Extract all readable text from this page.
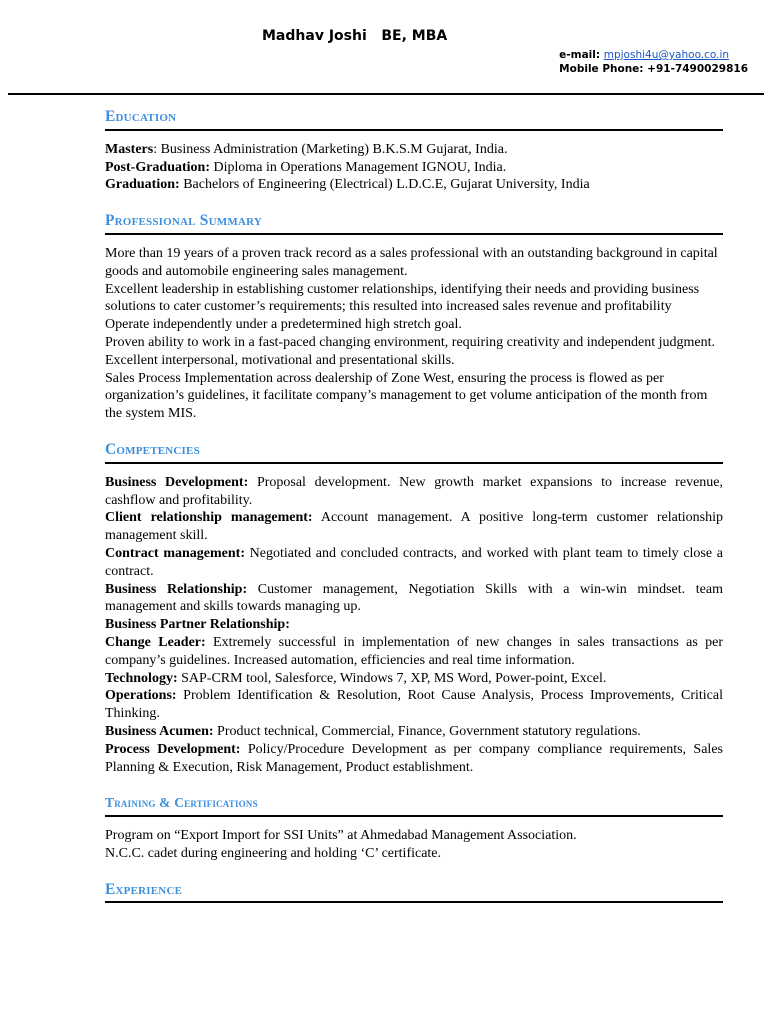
Madhav Joshi   BE, MBA
e-mail: mpjoshi4u@yahoo.co.in
Mobile Phone: +91-7490029816
Education

Masters: Business Administration (Marketing) B.K.S.M Gujarat, India.

Post-Graduation: Diploma in Operations Management IGNOU, India.

Graduation: Bachelors of Engineering (Electrical) L.D.C.E, Gujarat University, India

Professional Summary

More than 19 years of a proven track record as a sales professional with an outstanding background in capital goods and automobile engineering sales management.

Excellent leadership in establishing customer relationships, identifying their needs and providing business solutions to cater customer’s requirements; this resulted into increased sales revenue and profitability

Operate independently under a predetermined high stretch goal.

Proven ability to work in a fast-paced changing environment, requiring creativity and independent judgment.

Excellent interpersonal, motivational and presentational skills.

Sales Process Implementation across dealership of Zone West, ensuring the process is flowed as per organization’s guidelines, it facilitate company’s management to get volume anticipation of the month from the system MIS.

Competencies

Business Development: Proposal development. New growth market expansions to increase revenue, cashflow and profitability.

Client relationship management: Account management. A positive long-term customer relationship management skill.

Contract management: Negotiated and concluded contracts, and worked with plant team to timely close a contract.

Business Relationship: Customer management, Negotiation Skills with a win-win mindset. team management and skills towards managing up.

Business Partner Relationship:

Change Leader: Extremely successful in implementation of new changes in sales transactions as per company’s guidelines. Increased automation, efficiencies and real time information.

Technology: SAP-CRM tool, Salesforce, Windows 7, XP, MS Word, Power-point, Excel.

Operations: Problem Identification & Resolution, Root Cause Analysis, Process Improvements, Critical Thinking.

Business Acumen: Product technical, Commercial, Finance, Government statutory regulations.

Process Development: Policy/Procedure Development as per company compliance requirements, Sales Planning & Execution, Risk Management, Product establishment.

Training & Certifications

Program on “Export Import for SSI Units” at Ahmedabad Management Association.

N.C.C. cadet during engineering and holding ‘C’ certificate.

Experience
